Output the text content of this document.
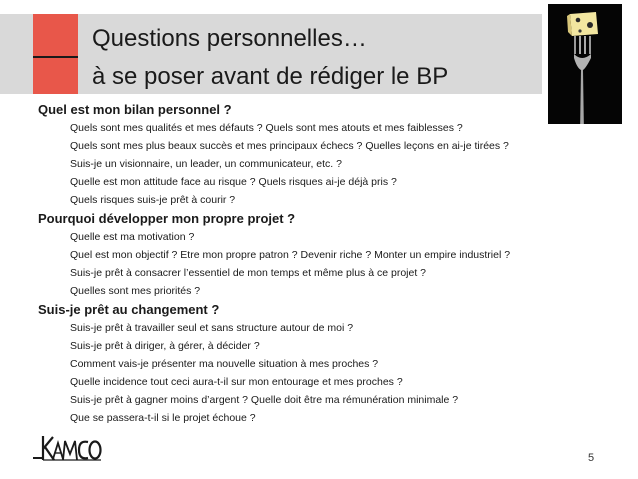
Questions personnelles…
à se poser avant de rédiger le BP
Quel est mon bilan personnel ?
Quels sont mes qualités et mes défauts ? Quels sont mes atouts et mes faiblesses ?
Quels sont mes plus beaux succès et mes principaux échecs ? Quelles leçons en ai-je tirées ?
Suis-je un visionnaire, un leader, un communicateur, etc. ?
Quelle est mon attitude face au risque ? Quels risques ai-je déjà pris ?
Quels risques suis-je prêt à courir ?
Pourquoi développer mon propre projet ?
Quelle est ma motivation ?
Quel est mon objectif ? Etre mon propre patron ? Devenir riche ? Monter un empire industriel ?
Suis-je prêt à consacrer l’essentiel de mon temps et même plus à ce projet ?
Quelles sont mes priorités ?
Suis-je prêt au changement ?
Suis-je prêt à travailler seul et sans structure autour de moi ?
Suis-je prêt à diriger, à gérer, à décider ?
Comment vais-je présenter ma nouvelle situation à mes proches ?
Quelle incidence tout ceci aura-t-il sur mon entourage et mes proches ?
Suis-je prêt à gagner moins d’argent ? Quelle doit être ma rémunération minimale ?
Que se passera-t-il si le projet échoue ?
5
